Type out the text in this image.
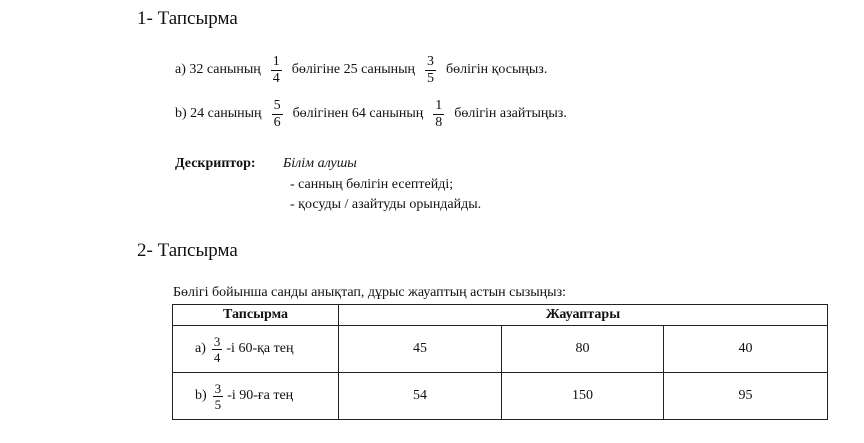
1- Тапсырма
a) 32 санының $\frac{1}{4}$ бөлігіне 25 санының $\frac{3}{5}$ бөлігін қосыңыз.
b) 24 санының $\frac{5}{6}$ бөлігінен 64 санының $\frac{1}{8}$ бөлігін азайтыңыз.
Дескриптор: Білім алушы
- санның бөлігін есептейді;
- қосуды / азайтуды орындайды.
2- Тапсырма
Бөлігі бойынша санды анықтап, дұрыс жауаптың астын сызыңыз:
Тапсырма	Жауаптары		

$a) \frac{3}{4} -і$ 60-қа тең	45	80	40

$b) \frac{3}{5} -і$ 90-ға тең	54	150	95
